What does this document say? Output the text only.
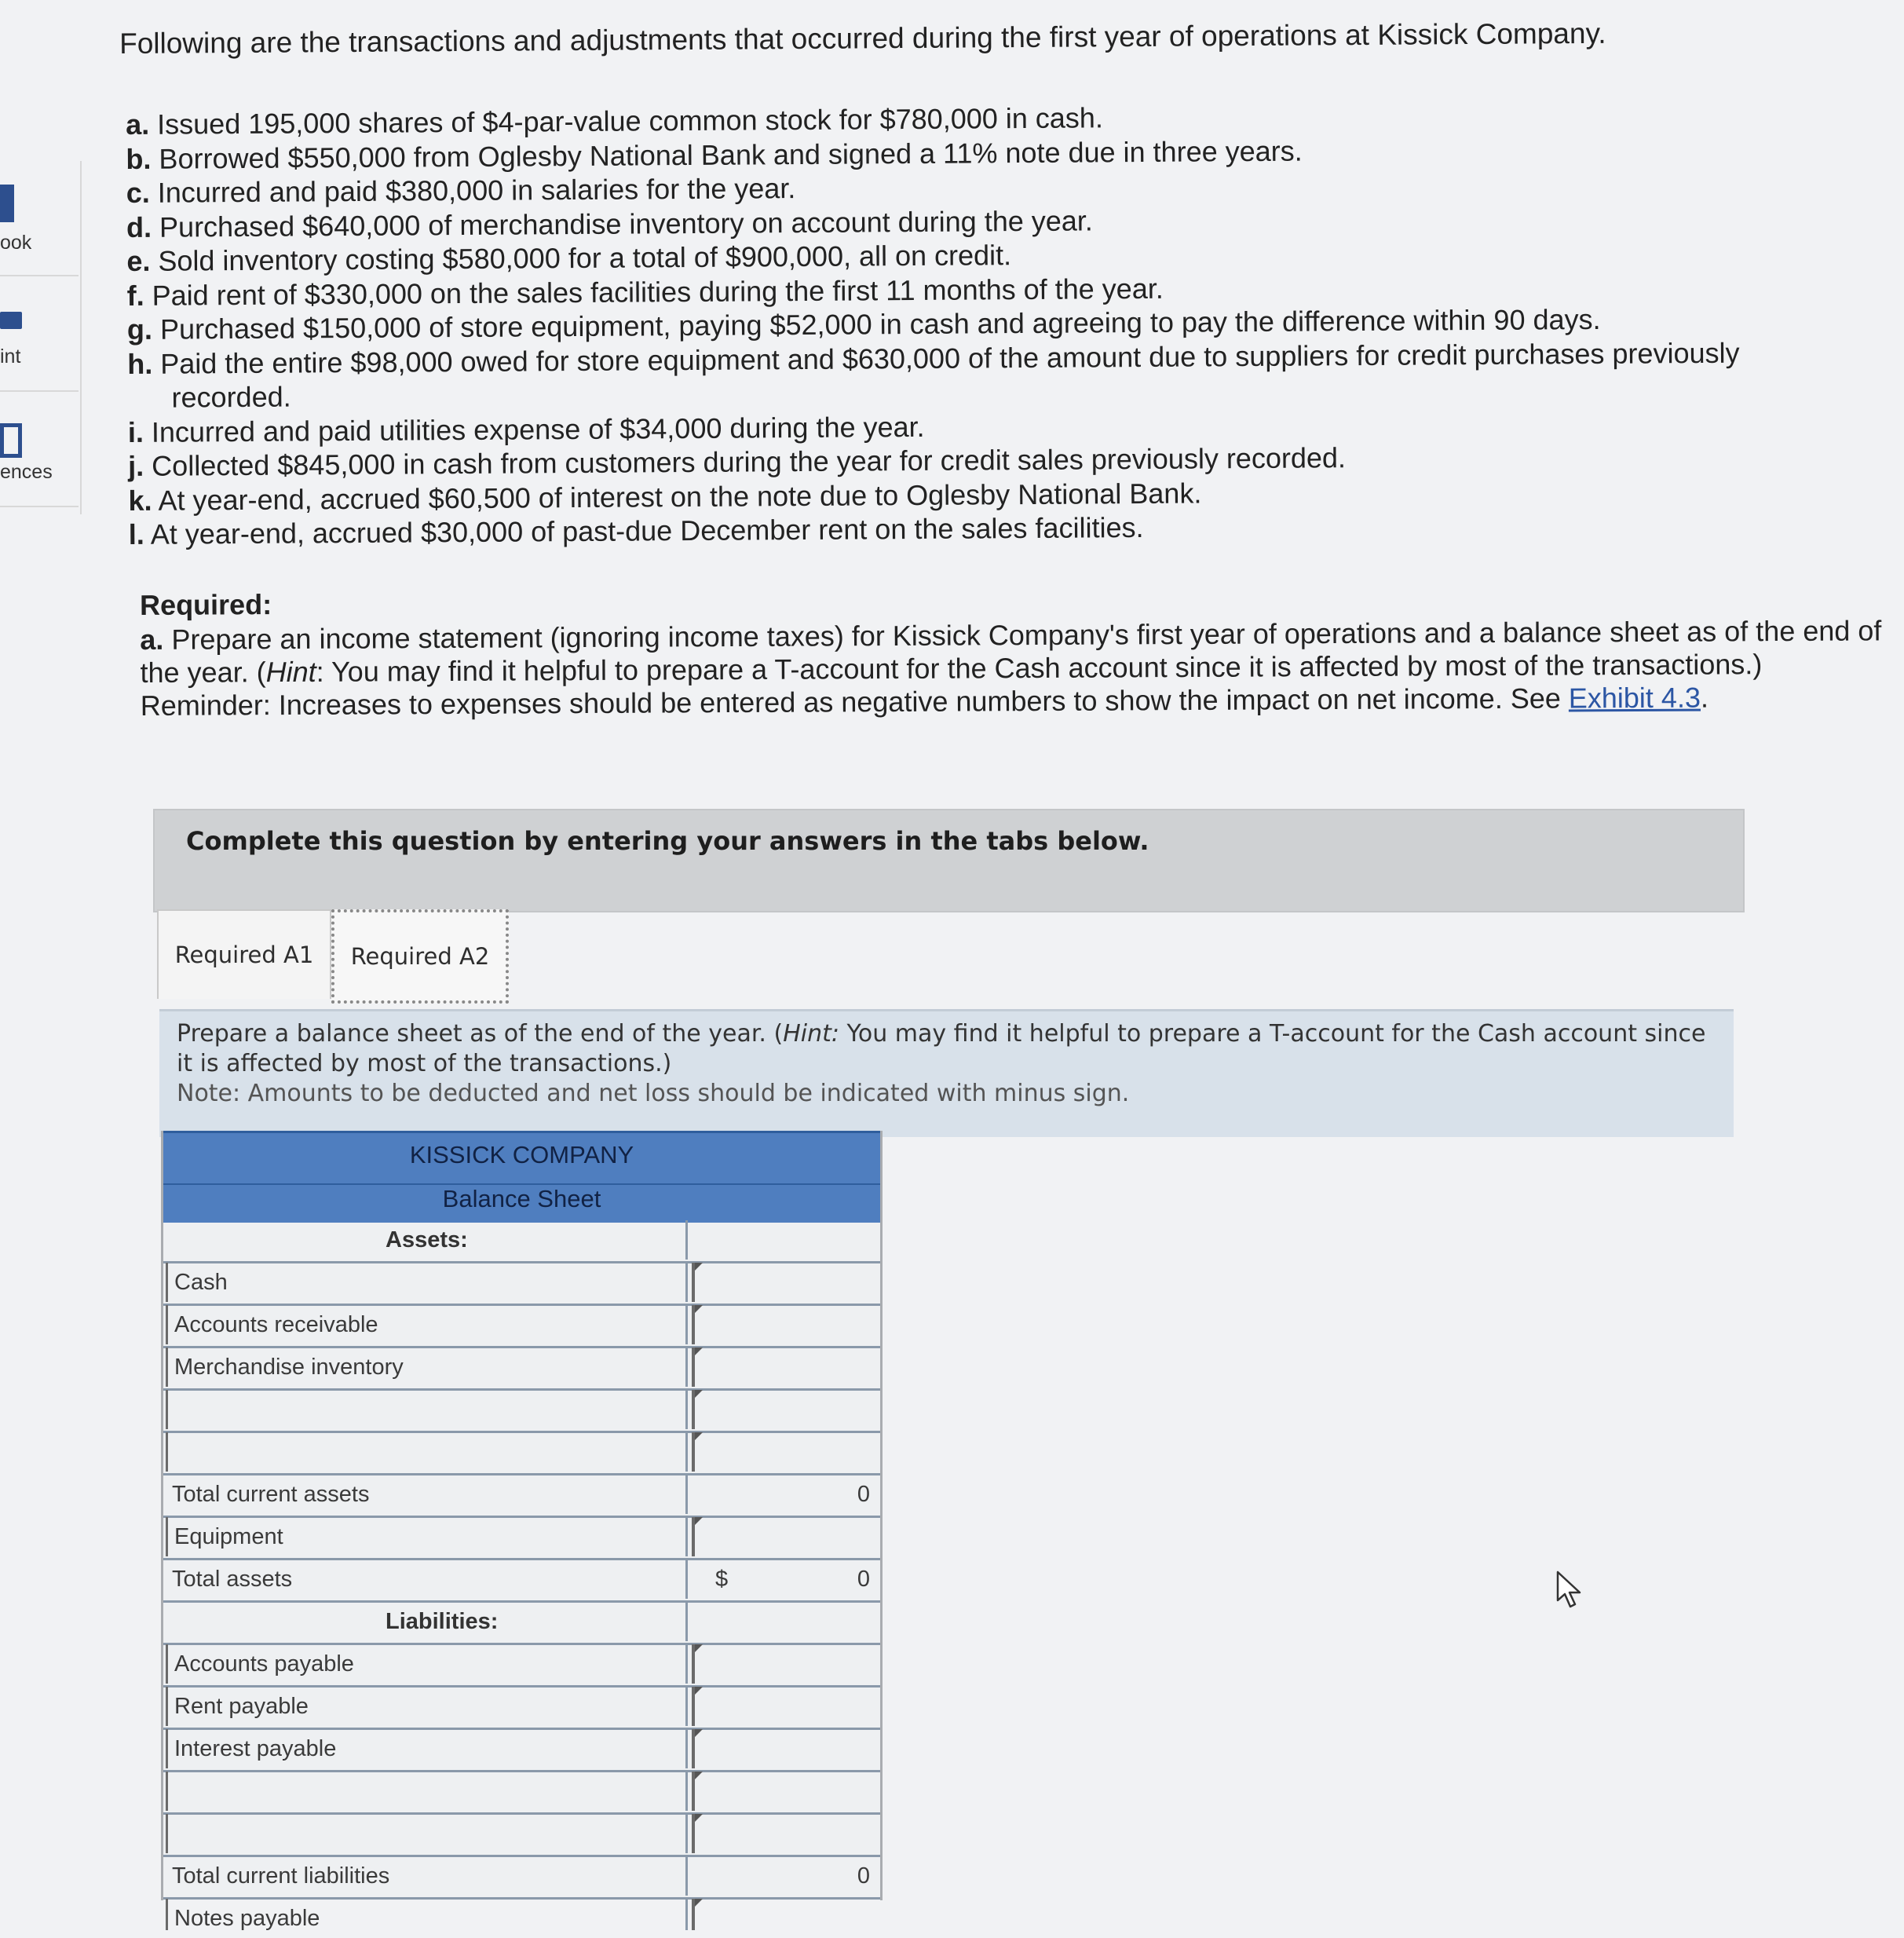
ook
int
ences
Following are the transactions and adjustments that occurred during the first year of operations at Kissick Company.
a. Issued 195,000 shares of $4-par-value common stock for $780,000 in cash.
b. Borrowed $550,000 from Oglesby National Bank and signed a 11% note due in three years.
c. Incurred and paid $380,000 in salaries for the year.
d. Purchased $640,000 of merchandise inventory on account during the year.
e. Sold inventory costing $580,000 for a total of $900,000, all on credit.
f. Paid rent of $330,000 on the sales facilities during the first 11 months of the year.
g. Purchased $150,000 of store equipment, paying $52,000 in cash and agreeing to pay the difference within 90 days.
h. Paid the entire $98,000 owed for store equipment and $630,000 of the amount due to suppliers for credit purchases previously
recorded.
i. Incurred and paid utilities expense of $34,000 during the year.
j. Collected $845,000 in cash from customers during the year for credit sales previously recorded.
k. At year-end, accrued $60,500 of interest on the note due to Oglesby National Bank.
l. At year-end, accrued $30,000 of past-due December rent on the sales facilities.
Required:
a. Prepare an income statement (ignoring income taxes) for Kissick Company's first year of operations and a balance sheet as of the end of the year. (Hint: You may find it helpful to prepare a T-account for the Cash account since it is affected by most of the transactions.) Reminder: Increases to expenses should be entered as negative numbers to show the impact on net income. See Exhibit 4.3.
Complete this question by entering your answers in the tabs below.
Required A1	Required A2

Prepare a balance sheet as of the end of the year. (Hint: You may find it helpful to prepare a T-account for the Cash account since it is affected by most of the transactions.)
Note: Amounts to be deducted and net loss should be indicated with minus sign.

KISSICK COMPANY
Balance Sheet
Assets:
Cash
Accounts receivable
Merchandise inventory
Total current assets	0
Equipment
Total assets	$	0
Liabilities:
Accounts payable
Rent payable
Interest payable
Total current liabilities	0
Notes payable
